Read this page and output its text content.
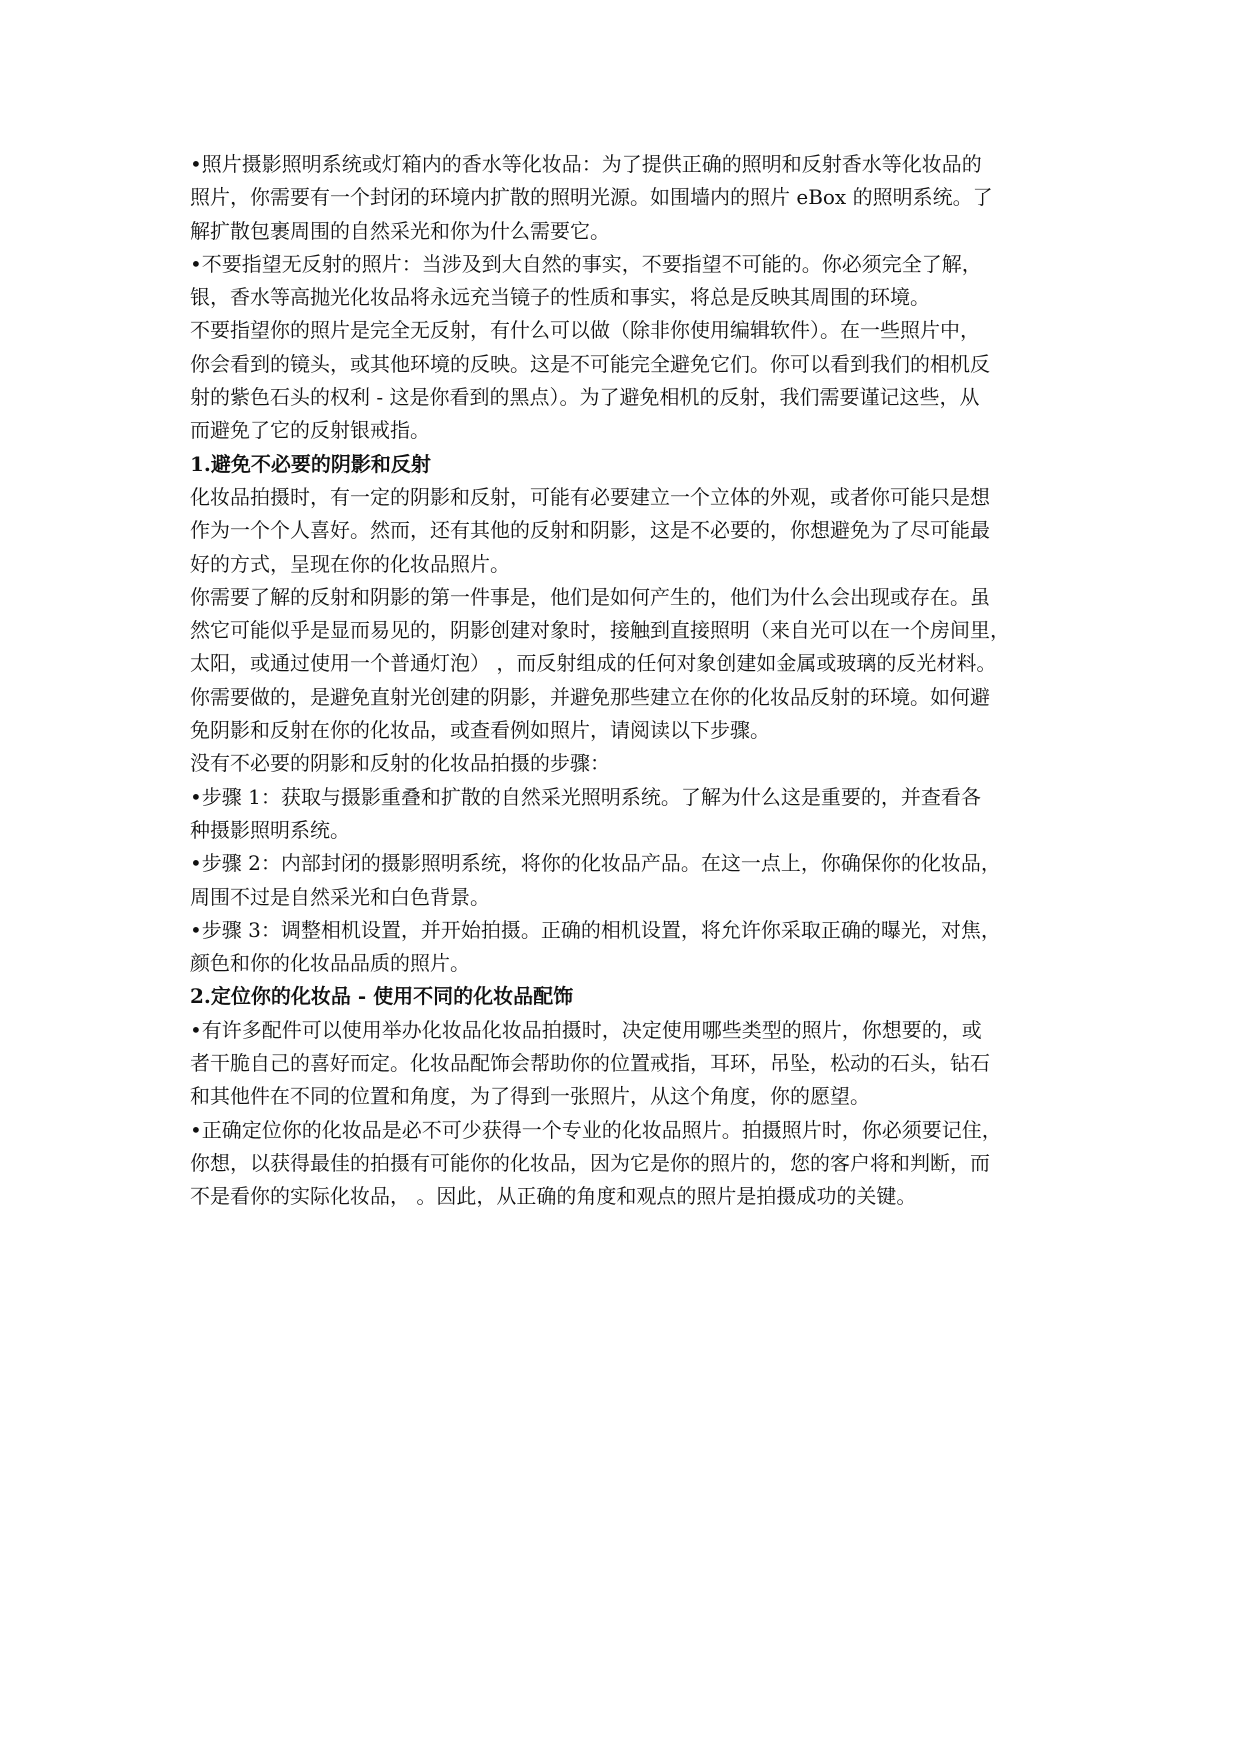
•照片摄影照明系统或灯箱内的香水等化妆品：为了提供正确的照明和反射香水等化妆品的
照片，你需要有一个封闭的环境内扩散的照明光源。如围墙内的照片 eBox 的照明系统。了
解扩散包裹周围的自然采光和你为什么需要它。
•不要指望无反射的照片：当涉及到大自然的事实，不要指望不可能的。你必须完全了解，
银，香水等高抛光化妆品将永远充当镜子的性质和事实，将总是反映其周围的环境。
不要指望你的照片是完全无反射，有什么可以做（除非你使用编辑软件）。在一些照片中，
你会看到的镜头，或其他环境的反映。这是不可能完全避免它们。你可以看到我们的相机反
射的紫色石头的权利 - 这是你看到的黑点）。为了避免相机的反射，我们需要谨记这些，从
而避免了它的反射银戒指。
1.避免不必要的阴影和反射
化妆品拍摄时，有一定的阴影和反射，可能有必要建立一个立体的外观，或者你可能只是想
作为一个个人喜好。然而，还有其他的反射和阴影，这是不必要的，你想避免为了尽可能最
好的方式，呈现在你的化妆品照片。
你需要了解的反射和阴影的第一件事是，他们是如何产生的，他们为什么会出现或存在。虽
然它可能似乎是显而易见的，阴影创建对象时，接触到直接照明（来自光可以在一个房间里，
太阳，或通过使用一个普通灯泡） ，而反射组成的任何对象创建如金属或玻璃的反光材料。
你需要做的，是避免直射光创建的阴影，并避免那些建立在你的化妆品反射的环境。如何避
免阴影和反射在你的化妆品，或查看例如照片，请阅读以下步骤。
没有不必要的阴影和反射的化妆品拍摄的步骤：
•步骤 1：获取与摄影重叠和扩散的自然采光照明系统。了解为什么这是重要的，并查看各
种摄影照明系统。
•步骤 2：内部封闭的摄影照明系统，将你的化妆品产品。在这一点上，你确保你的化妆品，
周围不过是自然采光和白色背景。
•步骤 3：调整相机设置，并开始拍摄。正确的相机设置，将允许你采取正确的曝光，对焦，
颜色和你的化妆品品质的照片。
2.定位你的化妆品 - 使用不同的化妆品配饰
•有许多配件可以使用举办化妆品化妆品拍摄时，决定使用哪些类型的照片，你想要的，或
者干脆自己的喜好而定。化妆品配饰会帮助你的位置戒指，耳环，吊坠，松动的石头，钻石
和其他件在不同的位置和角度，为了得到一张照片，从这个角度，你的愿望。
•正确定位你的化妆品是必不可少获得一个专业的化妆品照片。拍摄照片时，你必须要记住，
你想，以获得最佳的拍摄有可能你的化妆品，因为它是你的照片的，您的客户将和判断，而
不是看你的实际化妆品， 。因此，从正确的角度和观点的照片是拍摄成功的关键。
